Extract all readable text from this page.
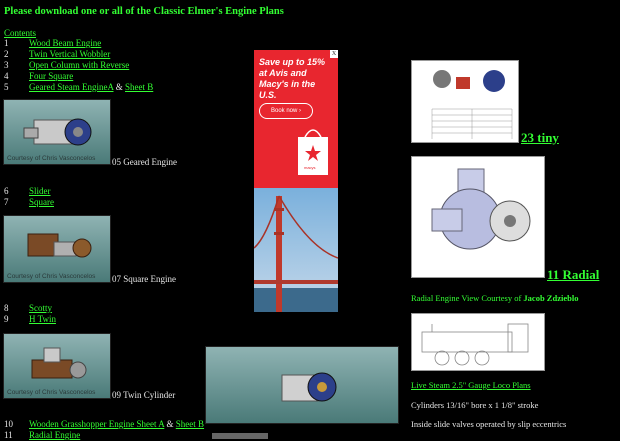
Please download one or all of the Classic Elmer's Engine Plans
Contents
1 Wood Beam Engine
2 Twin Vertical Wobbler
3 Open Column with Reverse
4 Four Square
5 Geared Steam EngineA & Sheet B
Courtesy of Chris Vasconcelos 05 Geared Engine
6 Slider
7 Square
Courtesy of Chris Vasconcelos 07 Square Engine
8 Scotty
9 H Twin
Courtesy of Chris Vasconcelos 09 Twin Cylinder
10 Wooden Grasshopper Engine Sheet A & Sheet B
11 Radial Engine
X
Save up to 15% at Avis and Macy's in the U.S.
Book now ›
macys
23 tiny
11 Radial
Radial Engine View Courtesy of Jacob Zdzieblo
Live Steam 2.5" Gauge Loco Plans
Cylinders 13/16" bore x 1 1/8" stroke
Inside slide valves operated by slip eccentrics
